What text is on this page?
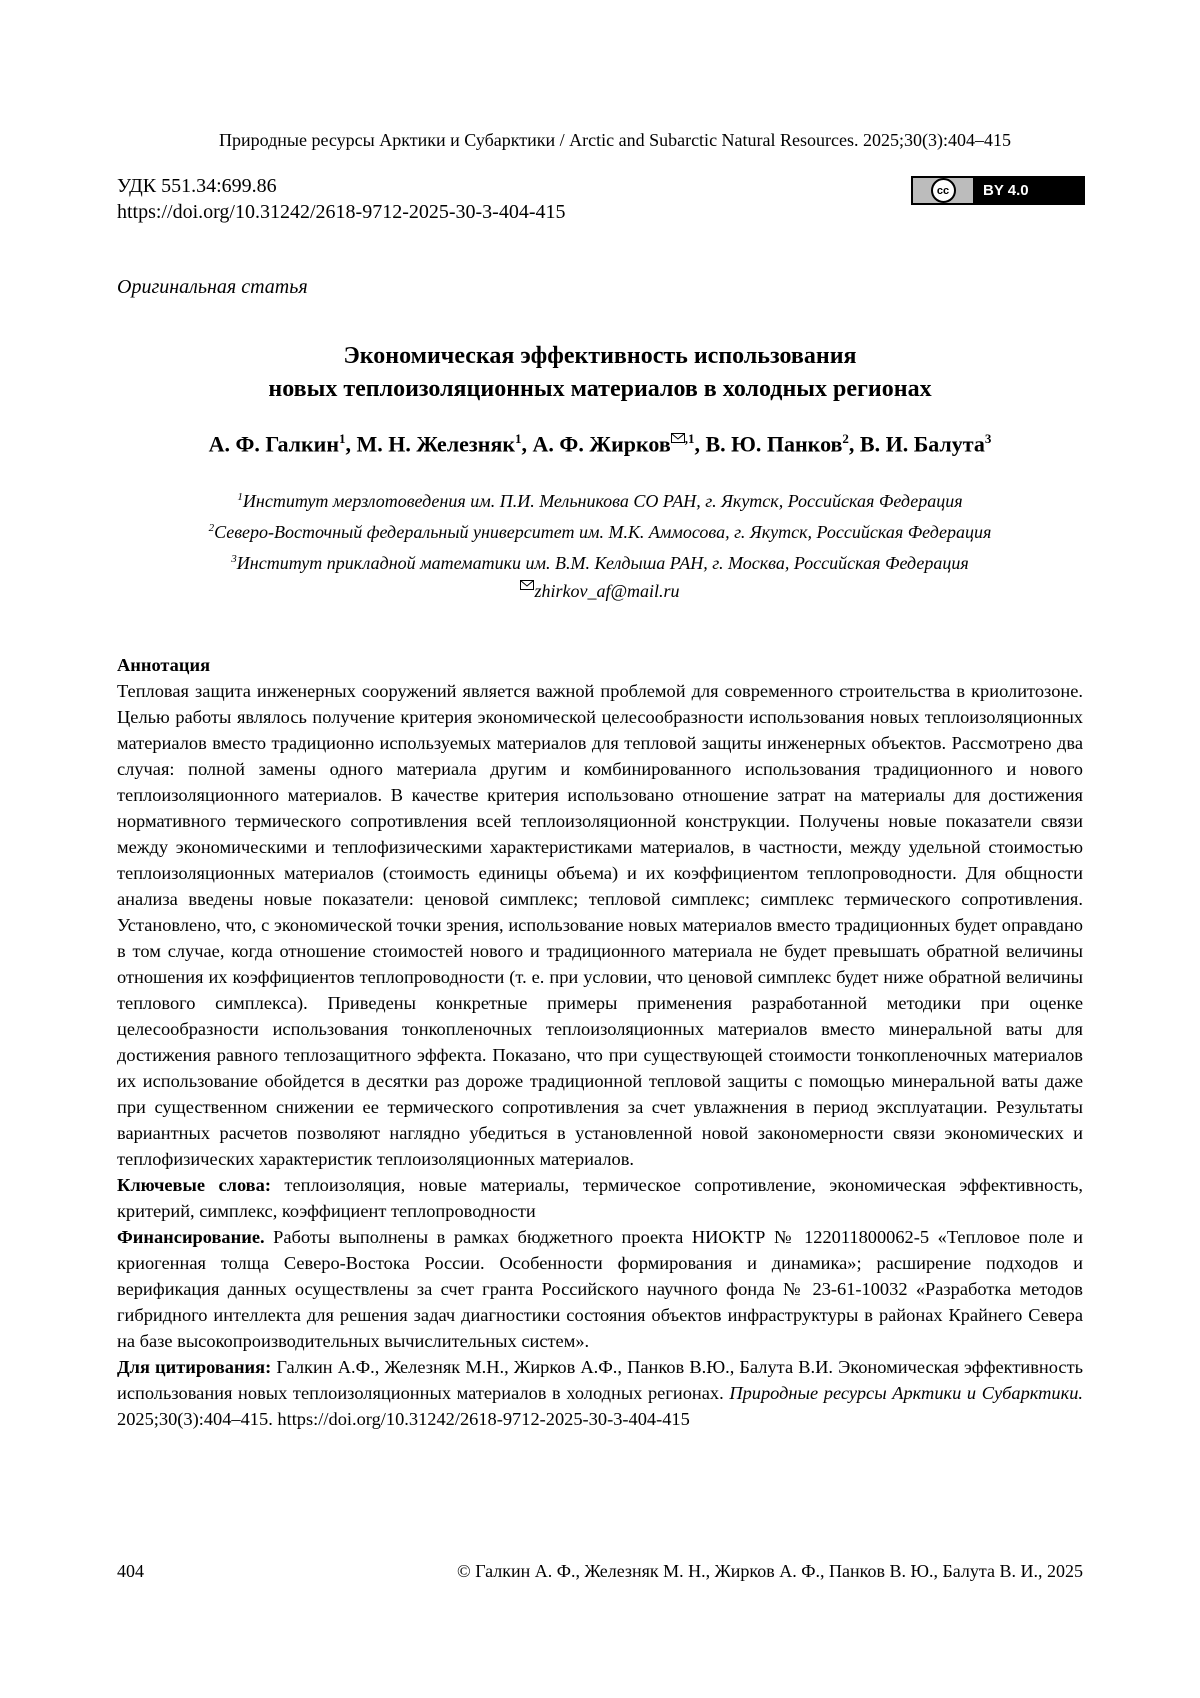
Природные ресурсы Арктики и Субарктики / Arctic and Subarctic Natural Resources. 2025;30(3):404–415
УДК 551.34:699.86
https://doi.org/10.31242/2618-9712-2025-30-3-404-415
cc	BY 4.0
Оригинальная статья
Экономическая эффективность использования
новых теплоизоляционных материалов в холодных регионах
А. Ф. Галкин$^1$, М. Н. Железняк$^1$, А. Ф. Жирков $^{,1}$, В. Ю. Панков$^2$, В. И. Балута$^3$
$^1$Институт мерзлотоведения им. П.И. Мельникова СО РАН, г. Якутск, Российская Федерация
$^2$Северо-Восточный федеральный университет им. М.К. Аммосова, г. Якутск, Российская Федерация
$^3$Институт прикладной математики им. В.М. Келдыша РАН, г. Москва, Российская Федерация
zhirkov_af@mail.ru

Аннотация

Тепловая защита инженерных сооружений является важной проблемой для современного строительства в криолитозоне. Целью работы являлось получение критерия экономической целесообразности использования новых теплоизоляционных материалов вместо традиционно используемых материалов для тепловой защиты инженерных объектов. Рассмотрено два случая: полной замены одного материала другим и комбинированного использования традиционного и нового теплоизоляционного материалов. В качестве критерия использовано отношение затрат на материалы для достижения нормативного термического сопротивления всей теплоизоляционной конструкции. Получены новые показатели связи между экономическими и теплофизическими характеристиками материалов, в частности, между удельной стоимостью теплоизоляционных материалов (стоимость единицы объема) и их коэффициентом теплопроводности. Для общности анализа введены новые показатели: ценовой симплекс; тепловой симплекс; симплекс термического сопротивления. Установлено, что, с экономической точки зрения, использование новых материалов вместо традиционных будет оправдано в том случае, когда отношение стоимостей нового и традиционного материала не будет превышать обратной величины отношения их коэффициентов теплопроводности (т. е. при условии, что ценовой симплекс будет ниже обратной величины теплового симплекса). Приведены конкретные примеры применения разработанной методики при оценке целесообразности использования тонкопленочных теплоизоляционных материалов вместо минеральной ваты для достижения равного теплозащитного эффекта. Показано, что при существующей стоимости тонкопленочных материалов их использование обойдется в десятки раз дороже традиционной тепловой защиты с помощью минеральной ваты даже при существенном снижении ее термического сопротивления за счет увлажнения в период эксплуатации. Результаты вариантных расчетов позволяют наглядно убедиться в установленной новой закономерности связи экономических и теплофизических характеристик теплоизоляционных материалов.

Ключевые слова: теплоизоляция, новые материалы, термическое сопротивление, экономическая эффективность, критерий, симплекс, коэффициент теплопроводности

Финансирование. Работы выполнены в рамках бюджетного проекта НИОКТР № 122011800062-5 «Тепловое поле и криогенная толща Северо-Востока России. Особенности формирования и динамика»; расширение подходов и верификация данных осуществлены за счет гранта Российского научного фонда № 23-61-10032 «Разработка методов гибридного интеллекта для решения задач диагностики состояния объектов инфраструктуры в районах Крайнего Севера на базе высокопроизводительных вычислительных систем».

Для цитирования: Галкин А.Ф., Железняк М.Н., Жирков А.Ф., Панков В.Ю., Балута В.И. Экономическая эффективность использования новых теплоизоляционных материалов в холодных регионах. Природные ресурсы Арктики и Субарктики. 2025;30(3):404–415. https://doi.org/10.31242/2618-9712-2025-30-3-404-415

404	© Галкин А. Ф., Железняк М. Н., Жирков А. Ф., Панков В. Ю., Балута В. И., 2025
